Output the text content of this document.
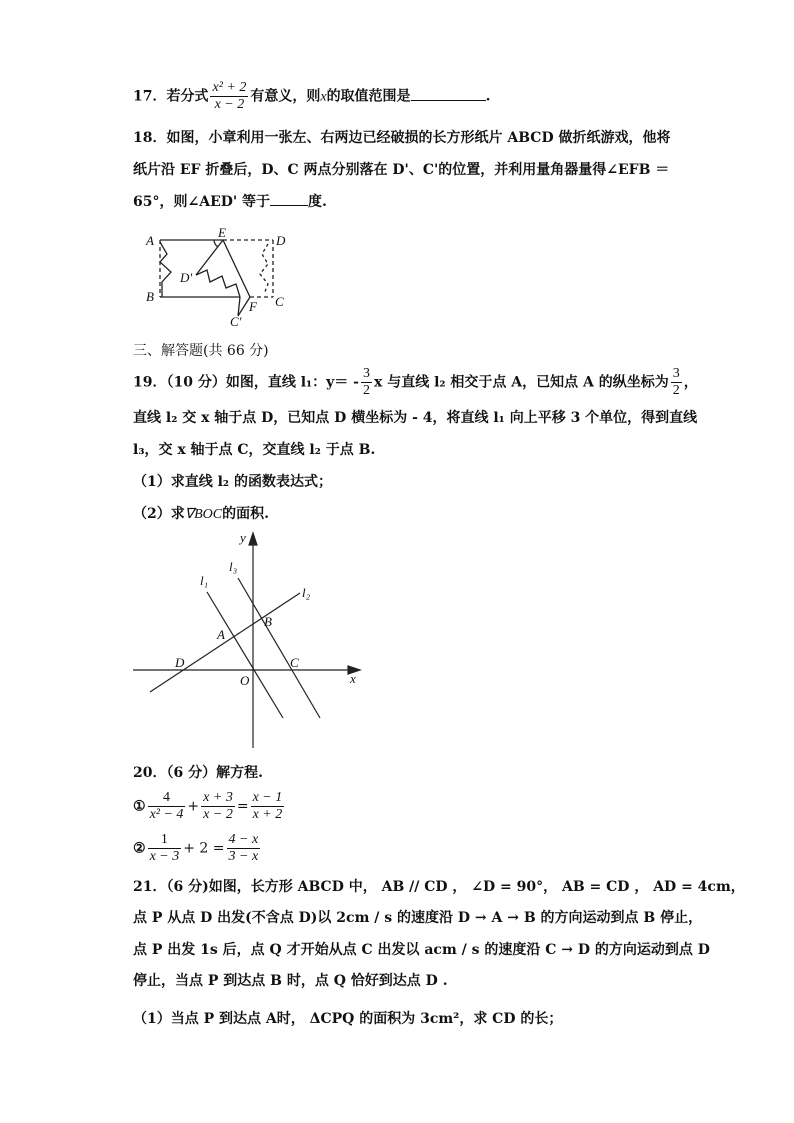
17．若分式 $\frac{\text{x² + 2}}{x - 2}$ 有意义，则x的取值范围是	.
18．如图，小章利用一张左、右两边已经破损的长方形纸片 ABCD 做折纸游戏，他将
纸片沿 EF 折叠后，D、C 两点分别落在 D'、C'的位置，并利用量角器量得∠EFB ＝
65°，则∠AED' 等于	度.
A
E
D
B
D'
F C
C'
y
x
O
l₁
l₃
l₂
A
B
C
D
三、解答题(共 66 分)
19．（10 分）如图，直线 l₁：$y= - \frac{3}{2}$ x 与直线 l₂ 相交于点 A，已知点 A 的纵坐标为 $\frac{3}{2}$ ，
直线 l₂ 交 x 轴于点 D，已知点 D 横坐标为 - 4，将直线 l₁ 向上平移 3 个单位，得到直线
l₃，交 x 轴于点 C，交直线 l₂ 于点 B.
（1）求直线 l₂ 的函数表达式；
（2）求∇BOC的面积.
20．（6 分）解方程.
① $\frac{4}{\text{x² − 4}} + \frac{x + 3}{x - 2} = \frac{x - 1}{x + 2}$
② $\frac{1}{x - 3} + 2 = \frac{4 - x}{3 - x}$
21．（6 分)如图，长方形 ABCD 中， AB // CD ， ∠D = 90°， AB = CD ， AD = 4cm，
点 P 从点 D 出发(不含点 D)以 2cm / s 的速度沿 D → A → B 的方向运动到点 B 停止，
点 P 出发 1s 后，点 Q 才开始从点 C 出发以 acm / s 的速度沿 C → D 的方向运动到点 D
停止，当点 P 到达点 B 时，点 Q 恰好到达点 D .
（1）当点 P 到达点 A时， ΔCPQ 的面积为 3cm²，求 CD 的长；
